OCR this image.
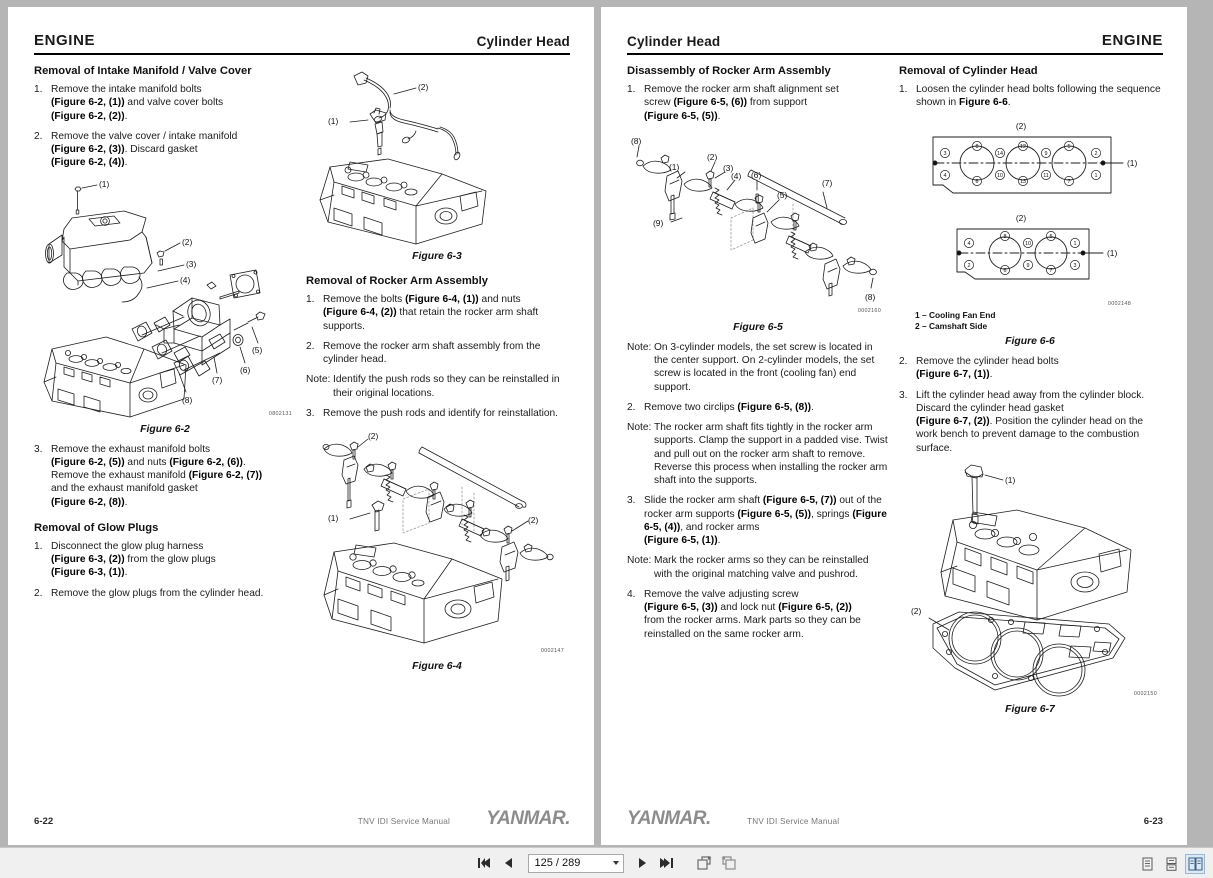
ENGINE	Cylinder Head
Removal of Intake Manifold / Valve Cover
1. Remove the intake manifold bolts
(Figure 6-2, (1)) and valve cover bolts
(Figure 6-2, (2)).
2. Remove the valve cover / intake manifold
(Figure 6-2, (3)). Discard gasket
(Figure 6-2, (4)).
(1)
(2)
(3)
(4)
(5)
(6)
(7)
(8)
0802131
Figure 6-2
3. Remove the exhaust manifold bolts
(Figure 6-2, (5)) and nuts (Figure 6-2, (6)).
Remove the exhaust manifold (Figure 6-2, (7))
and the exhaust manifold gasket
(Figure 6-2, (8)).
Removal of Glow Plugs
1. Disconnect the glow plug harness
(Figure 6-3, (2)) from the glow plugs
(Figure 6-3, (1)).
2. Remove the glow plugs from the cylinder head.
(2)
(1)
Figure 6-3
Removal of Rocker Arm Assembly
1. Remove the bolts (Figure 6-4, (1)) and nuts
(Figure 6-4, (2)) that retain the rocker arm shaft
supports.
2. Remove the rocker arm shaft assembly from the cylinder head.
Note: Identify the push rods so they can be reinstalled in their original locations.
3. Remove the push rods and identify for reinstallation.
(1)
(2)
(2)
0002147
Figure 6-4
6-22	TNV IDI Service Manual YANMAR.
Cylinder Head	ENGINE
Disassembly of Rocker Arm Assembly
1. Remove the rocker arm shaft alignment set
screw (Figure 6-5, (6)) from support
(Figure 6-5, (5)).
(7)
(8)
(1)
(2)
(3)
(4)
(9)
(6)
(5)
(8)
0002160
Figure 6-5
Note: On 3-cylinder models, the set screw is located in the center support. On 2-cylinder models, the set screw is located in the front (cooling fan) end support.
2. Remove two circlips (Figure 6-5, (8)).
Note: The rocker arm shaft fits tightly in the rocker arm supports. Clamp the support in a padded vise. Twist and pull out on the rocker arm shaft to remove. Reverse this process when installing the rocker arm shaft into the supports.
3. Slide the rocker arm shaft (Figure 6-5, (7)) out of the rocker arm supports (Figure 6-5, (5)), springs (Figure 6-5, (4)), and rocker arms
(Figure 6-5, (1)).
Note: Mark the rocker arms so they can be reinstalled with the original matching valve and pushrod.
4. Remove the valve adjusting screw
(Figure 6-5, (3)) and lock nut (Figure 6-5, (2))
from the rocker arms. Mark parts so they can be reinstalled on the same rocker arm.
Removal of Cylinder Head
1. Loosen the cylinder head bolts following the sequence shown in Figure 6-6.
(2)
(1)
3
4
8
6
14
10
12
13
9
11
5
7
2
1
(2)
(1)
4
2
8
6
10
9
5
7
1
3
0002148
1 – Cooling Fan End
2 – Camshaft Side
Figure 6-6
2. Remove the cylinder head bolts
(Figure 6-7, (1)).
3. Lift the cylinder head away from the cylinder block. Discard the cylinder head gasket
(Figure 6-7, (2)). Position the cylinder head on the work bench to prevent damage to the combustion surface.
(1)
(2)
0002150
Figure 6-7
YANMAR.	TNV IDI Service Manual	6-23
125 / 289
